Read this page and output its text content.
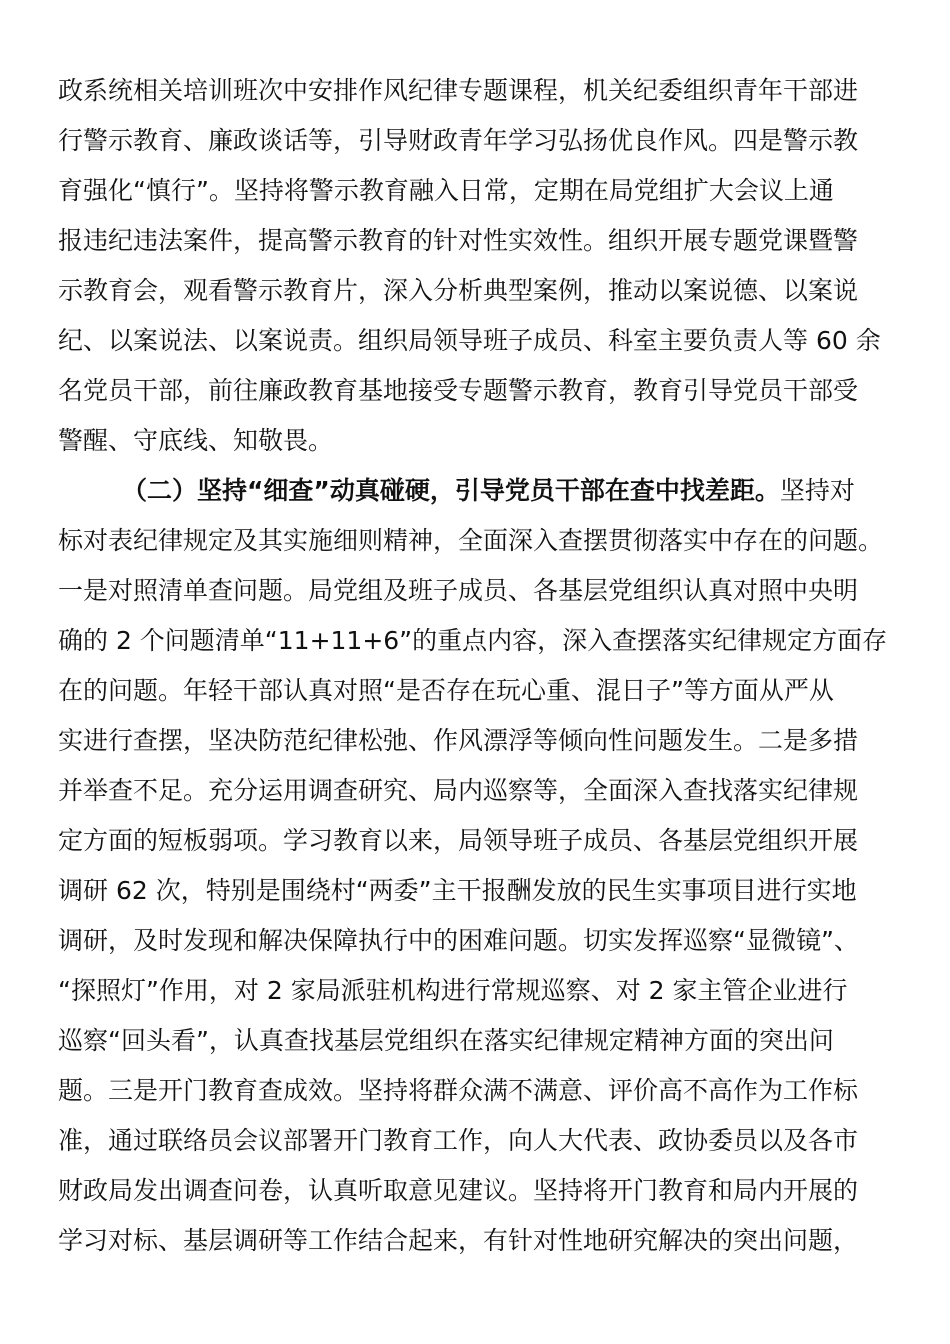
政系统相关培训班次中安排作风纪律专题课程，机关纪委组织青年干部进
行警示教育、廉政谈话等，引导财政青年学习弘扬优良作风。四是警示教
育强化“慎行”。坚持将警示教育融入日常，定期在局党组扩大会议上通
报违纪违法案件，提高警示教育的针对性实效性。组织开展专题党课暨警
示教育会，观看警示教育片，深入分析典型案例，推动以案说德、以案说
纪、以案说法、以案说责。组织局领导班子成员、科室主要负责人等 60 余
名党员干部，前往廉政教育基地接受专题警示教育，教育引导党员干部受
警醒、守底线、知敬畏。
（二）坚持“细查”动真碰硬，引导党员干部在查中找差距。坚持对
标对表纪律规定及其实施细则精神，全面深入查摆贯彻落实中存在的问题。
一是对照清单查问题。局党组及班子成员、各基层党组织认真对照中央明
确的 2 个问题清单“11+11+6”的重点内容，深入查摆落实纪律规定方面存
在的问题。年轻干部认真对照“是否存在玩心重、混日子”等方面从严从
实进行查摆，坚决防范纪律松弛、作风漂浮等倾向性问题发生。二是多措
并举查不足。充分运用调查研究、局内巡察等，全面深入查找落实纪律规
定方面的短板弱项。学习教育以来，局领导班子成员、各基层党组织开展
调研 62 次，特别是围绕村“两委”主干报酬发放的民生实事项目进行实地
调研，及时发现和解决保障执行中的困难问题。切实发挥巡察“显微镜”、
“探照灯”作用，对 2 家局派驻机构进行常规巡察、对 2 家主管企业进行
巡察“回头看”，认真查找基层党组织在落实纪律规定精神方面的突出问
题。三是开门教育查成效。坚持将群众满不满意、评价高不高作为工作标
准，通过联络员会议部署开门教育工作，向人大代表、政协委员以及各市
财政局发出调查问卷，认真听取意见建议。坚持将开门教育和局内开展的
学习对标、基层调研等工作结合起来，有针对性地研究解决的突出问题，
